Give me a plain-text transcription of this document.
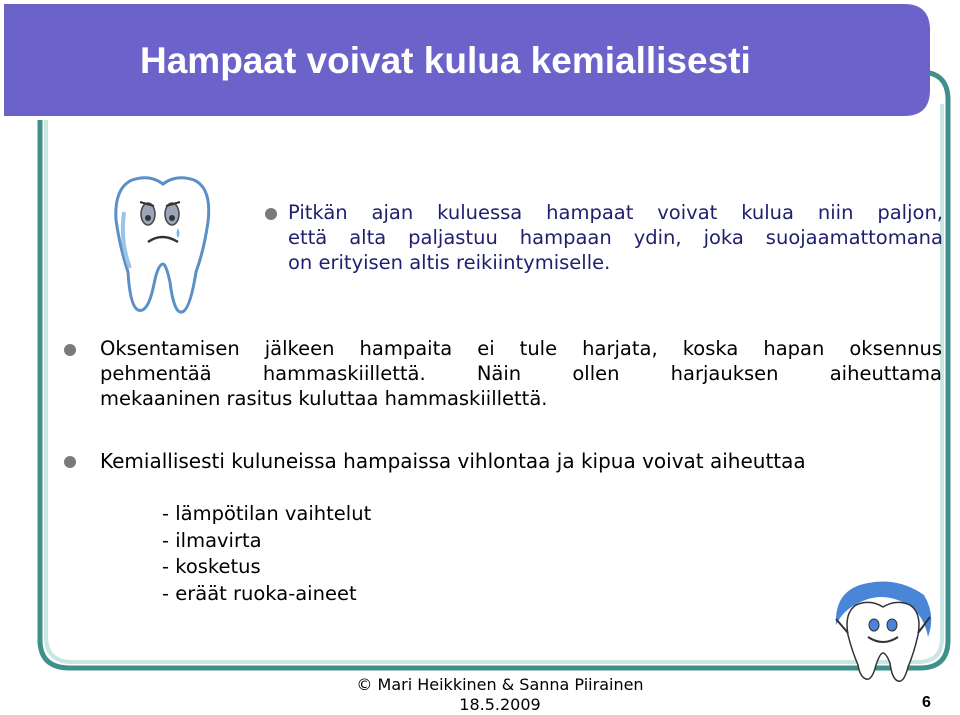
Hampaat voivat kulua kemiallisesti
Pitkän ajan kuluessa hampaat voivat kulua niin paljon,
että alta paljastuu hampaan ydin, joka suojaamattomana
on erityisen altis reikiintymiselle.
Oksentamisen jälkeen hampaita ei tule harjata, koska hapan oksennus
pehmentää hammaskiillettä. Näin ollen harjauksen aiheuttama
mekaaninen rasitus kuluttaa hammaskiillettä.
Kemiallisesti kuluneissa hampaissa vihlontaa ja kipua voivat aiheuttaa
- lämpötilan vaihtelut
- ilmavirta
- kosketus
- eräät ruoka-aineet
© Mari Heikkinen & Sanna Piirainen
18.5.2009	6
